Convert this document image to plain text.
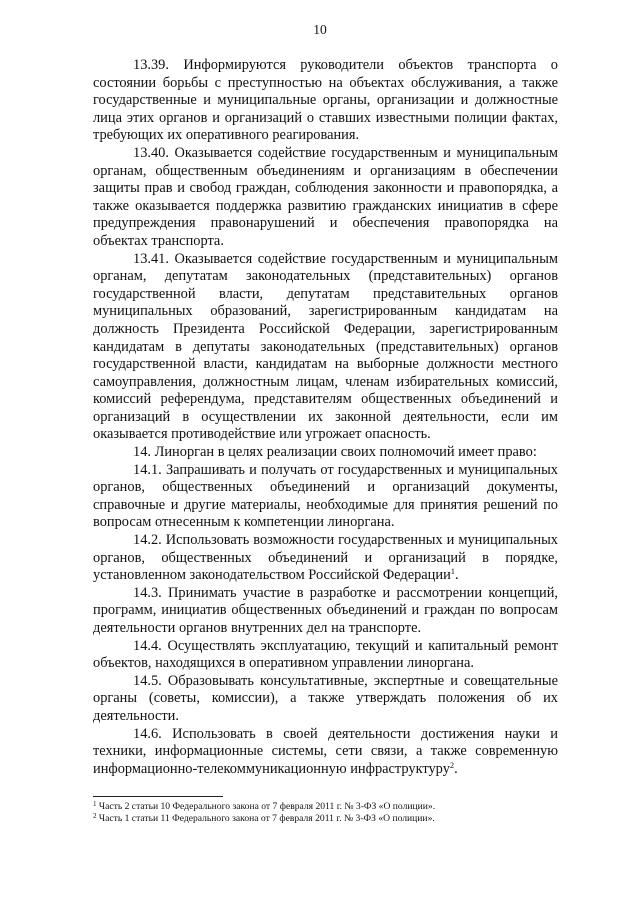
10

13.39. Информируются руководители объектов транспорта о состоянии борьбы с преступностью на объектах обслуживания, а также государственные и муниципальные органы, организации и должностные лица этих органов и организаций о ставших известными полиции фактах, требующих их оперативного реагирования.

13.40. Оказывается содействие государственным и муниципальным органам, общественным объединениям и организациям в обеспечении защиты прав и свобод граждан, соблюдения законности и правопорядка, а также оказывается поддержка развитию гражданских инициатив в сфере предупреждения правонарушений и обеспечения правопорядка на объектах транспорта.

13.41. Оказывается содействие государственным и муниципальным органам, депутатам законодательных (представительных) органов государственной власти, депутатам представительных органов муниципальных образований, зарегистрированным кандидатам на должность Президента Российской Федерации, зарегистрированным кандидатам в депутаты законодательных (представительных) органов государственной власти, кандидатам на выборные должности местного самоуправления, должностным лицам, членам избирательных комиссий, комиссий референдума, представителям общественных объединений и организаций в осуществлении их законной деятельности, если им оказывается противодействие или угрожает опасность.

14. Линорган в целях реализации своих полномочий имеет право:

14.1. Запрашивать и получать от государственных и муниципальных органов, общественных объединений и организаций документы, справочные и другие материалы, необходимые для принятия решений по вопросам отнесенным к компетенции линоргана.

14.2. Использовать возможности государственных и муниципальных органов, общественных объединений и организаций в порядке, установленном законодательством Российской Федерации$^1$.

14.3. Принимать участие в разработке и рассмотрении концепций, программ, инициатив общественных объединений и граждан по вопросам деятельности органов внутренних дел на транспорте.

14.4. Осуществлять эксплуатацию, текущий и капитальный ремонт объектов, находящихся в оперативном управлении линоргана.

14.5. Образовывать консультативные, экспертные и совещательные органы (советы, комиссии), а также утверждать положения об их деятельности.

14.6. Использовать в своей деятельности достижения науки и техники, информационные системы, сети связи, а также современную информационно-телекоммуникационную инфраструктуру$^2$.

$^1$ Часть 2 статьи 10 Федерального закона от 7 февраля 2011 г. № 3-ФЗ «О полиции».

$^2$ Часть 1 статьи 11 Федерального закона от 7 февраля 2011 г. № 3-ФЗ «О полиции».
